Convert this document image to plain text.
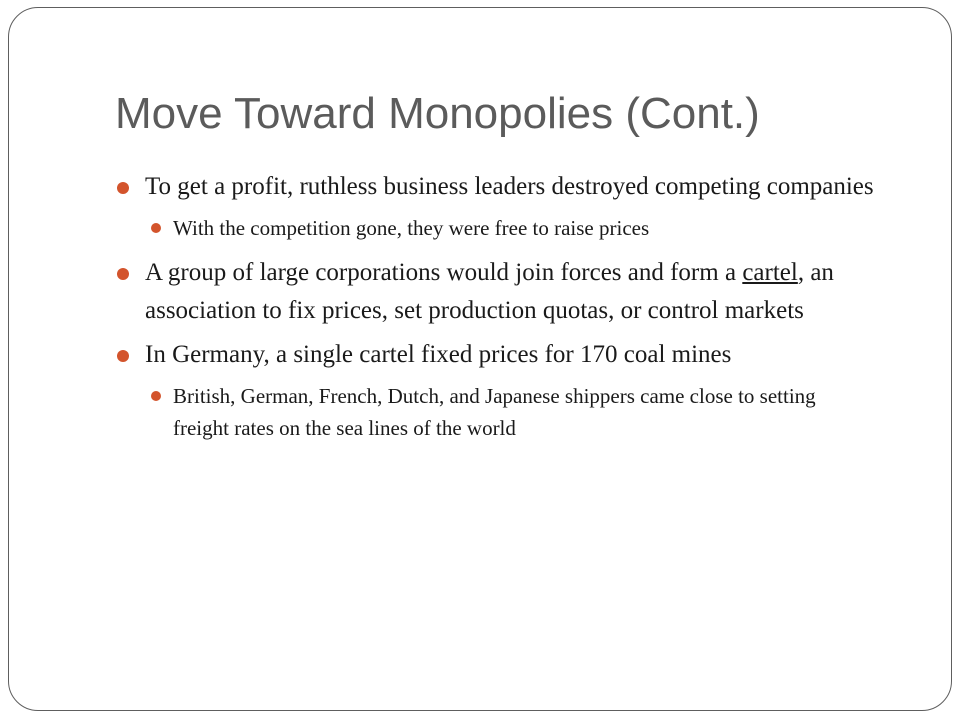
Move Toward Monopolies (Cont.)
To get a profit, ruthless business leaders destroyed competing companies
With the competition gone, they were free to raise prices
A group of large corporations would join forces and form a cartel, an association to fix prices, set production quotas, or control markets
In Germany, a single cartel fixed prices for 170 coal mines
British, German, French, Dutch, and Japanese shippers came close to setting freight rates on the sea lines of the world
